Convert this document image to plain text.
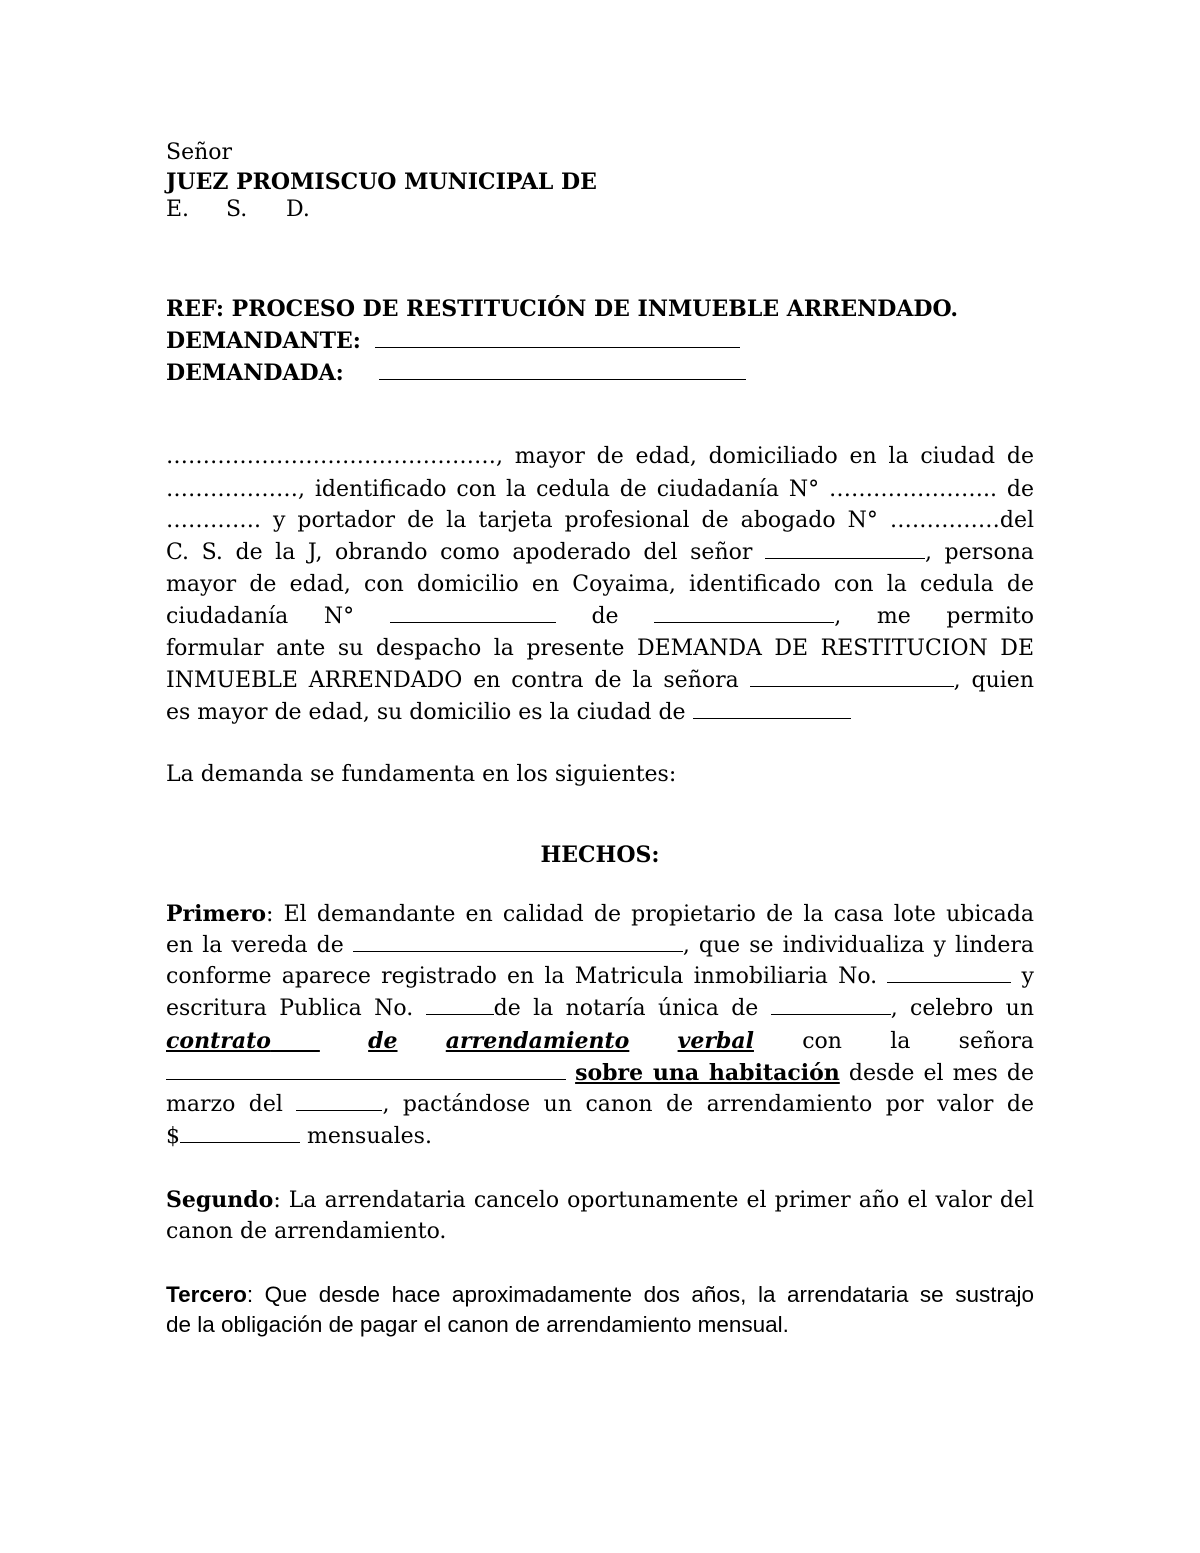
Señor
JUEZ PROMISCUO MUNICIPAL DE
E. S. D.
REF: PROCESO DE RESTITUCIÓN DE INMUEBLE ARRENDADO.
DEMANDANTE:
DEMANDADA:
………………………………………, mayor de edad, domiciliado en la ciudad de
………………, identificado con la cedula de ciudadanía N° ………………….. de
…………. y portador de la tarjeta profesional de abogado N° ……………del
C. S. de la J, obrando como apoderado del señor	, persona
mayor de edad, con domicilio en Coyaima, identificado con la cedula de
ciudadanía N°	de	, me permito
formular ante su despacho la presente DEMANDA DE RESTITUCION DE
INMUEBLE ARRENDADO en contra de la señora	, quien
es mayor de edad, su domicilio es la ciudad de
La demanda se fundamenta en los siguientes:
HECHOS:
Primero: El demandante en calidad de propietario de la casa lote ubicada
en la vereda de	, que se individualiza y lindera
conforme aparece registrado en la Matricula inmobiliaria No.	y
escritura Publica No.	de la notaría única de	, celebro un
contrato	de arrendamiento verbal con la señora
sobre una habitación desde el mes de
marzo del	, pactándose un canon de arrendamiento por valor de
$	mensuales.
Segundo: La arrendataria cancelo oportunamente el primer año el valor del
canon de arrendamiento.
Tercero: Que desde hace aproximadamente dos años, la arrendataria se sustrajo
de la obligación de pagar el canon de arrendamiento mensual.
